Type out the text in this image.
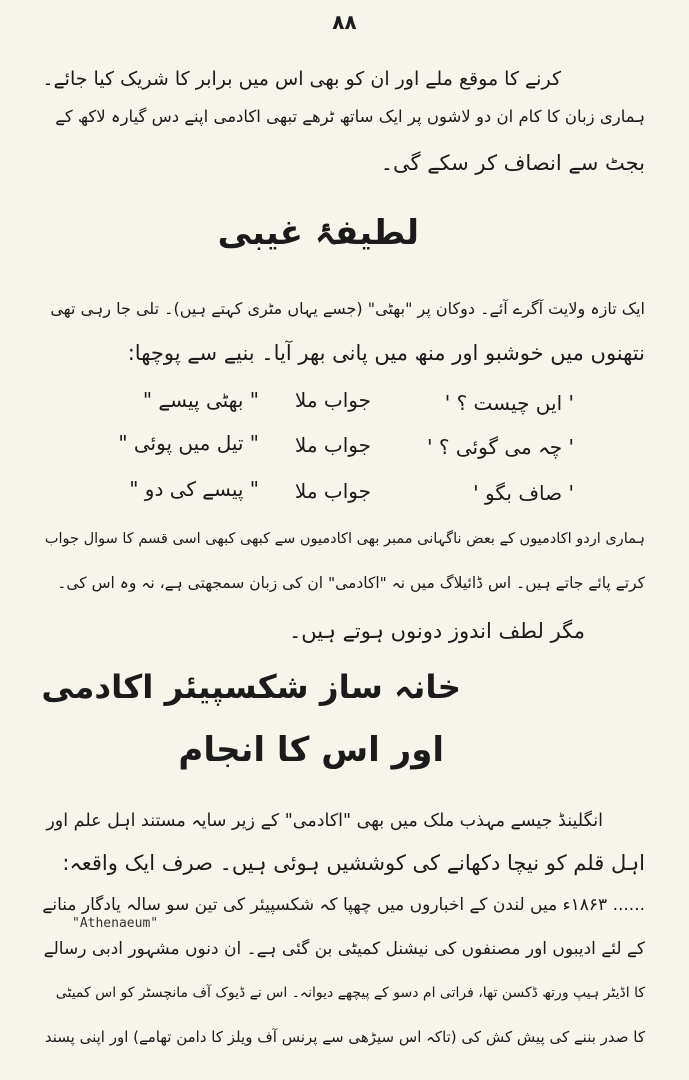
۸۸
کرنے کا موقع ملے اور ان کو بھی اس میں برابر کا شریک کیا جائے۔
ہماری زبان کا کام ان دو لاشوں پر ایک ساتھ ٹرھے تبھی اکادمی اپنے دس گیارہ لاکھ کے
بجٹ سے انصاف کر سکے گی۔
لطیفۂ غیبی
ایک تازہ ولایت آگرے آئے۔ دوکان پر "بھٹی" (جسے یہاں مٹری کہتے ہیں)۔ تلی جا رہی تھی
نتھنوں میں خوشبو اور منھ میں پانی بھر آیا۔ بنیے سے پوچھا:
' ایں چیست ؟ '
جواب ملا
" بھٹی پیسے "
' چہ می گوئی ؟ '
جواب ملا
" تیل میں پوئی "
' صاف بگو '
جواب ملا
" پیسے کی دو "
ہماری اردو اکادمیوں کے بعض ناگہانی ممبر بھی اکادمیوں سے کبھی کبھی اسی قسم کا سوال جواب
کرتے پائے جاتے ہیں۔ اس ڈائیلاگ میں نہ "اکادمی" ان کی زبان سمجھتی ہے، نہ وہ اس کی۔
مگر لطف اندوز دونوں ہوتے ہیں۔
خانہ ساز شکسپیئر اکادمی
اور اس کا انجام
انگلینڈ جیسے مہذب ملک میں بھی "اکادمی" کے زیر سایہ مستند اہل علم اور
اہل قلم کو نیچا دکھانے کی کوششیں ہوئی ہیں۔ صرف ایک واقعہ:
...... ۱۸۶۳ء میں لندن کے اخباروں میں چھپا کہ شکسپیئر کی تین سو سالہ یادگار منانے
"Athenaeum"
کے لئے ادیبوں اور مصنفوں کی نیشنل کمیٹی بن گئی ہے۔ ان دنوں مشہور ادبی رسالے
کا اڈیٹر ہیپ ورتھ ڈکسن تھا، فراتی ام دسو کے پیچھے دیوانہ۔ اس نے ڈیوک آف مانچسٹر کو اس کمیٹی
کا صدر بننے کی پیش کش کی (تاکہ اس سیڑھی سے پرنس آف ویلز کا دامن تھامے) اور اپنی پسند
